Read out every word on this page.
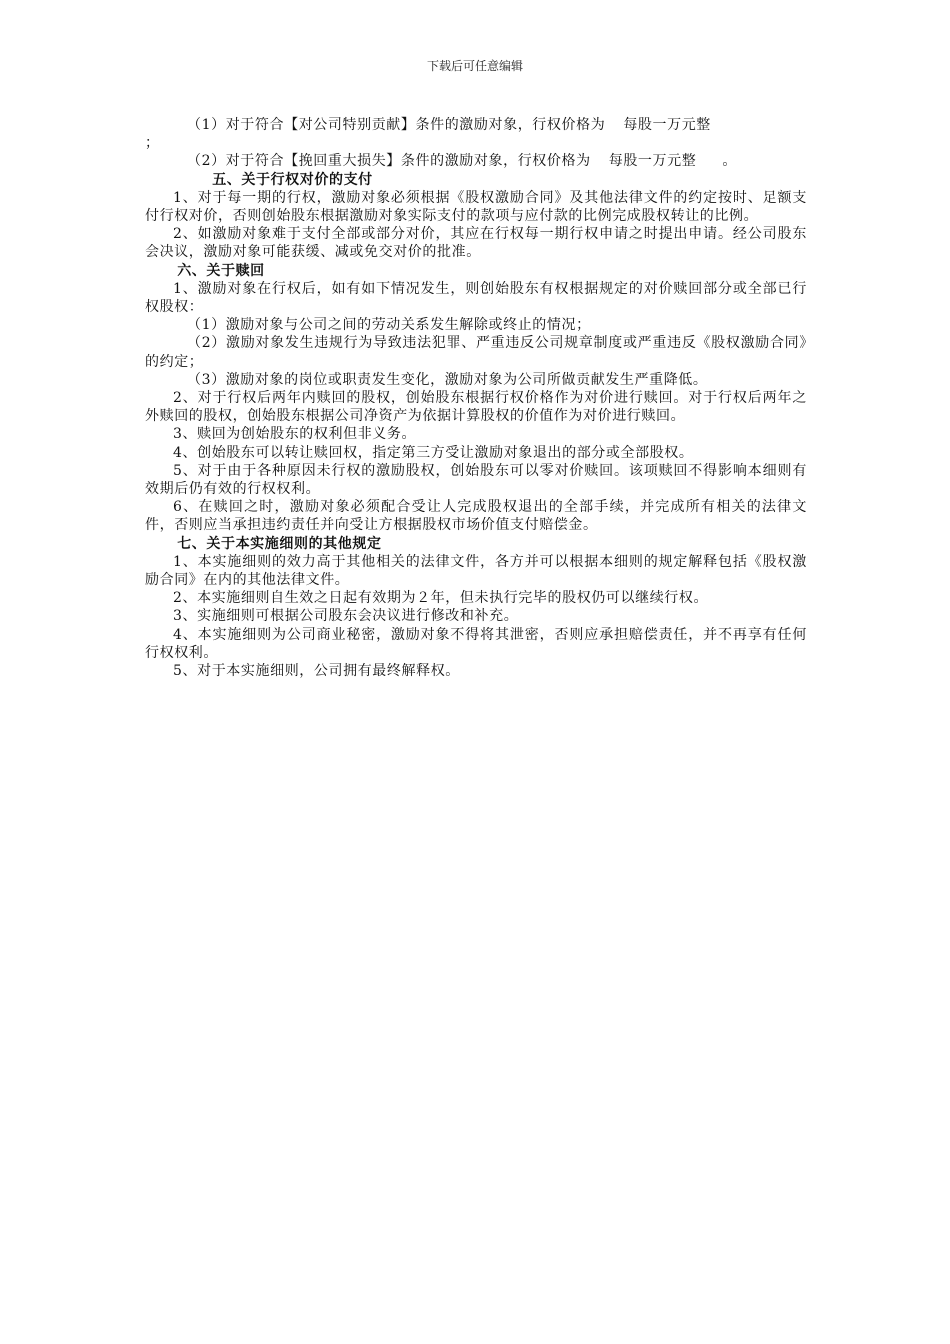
下载后可任意编辑

（1）对于符合【对公司特别贡献】条件的激励对象，行权价格为 每股一万元整

；

（2）对于符合【挽回重大损失】条件的激励对象，行权价格为 每股一万元整 。

五、关于行权对价的支付

1、对于每一期的行权，激励对象必须根据《股权激励合同》及其他法律文件的约定按时、足额支付行权对价，否则创始股东根据激励对象实际支付的款项与应付款的比例完成股权转让的比例。

2、如激励对象难于支付全部或部分对价，其应在行权每一期行权申请之时提出申请。经公司股东会决议，激励对象可能获缓、减或免交对价的批准。

六、关于赎回

1、激励对象在行权后，如有如下情况发生，则创始股东有权根据规定的对价赎回部分或全部已行权股权：

（1）激励对象与公司之间的劳动关系发生解除或终止的情况；

（2）激励对象发生违规行为导致违法犯罪、严重违反公司规章制度或严重违反《股权激励合同》的约定；

（3）激励对象的岗位或职责发生变化，激励对象为公司所做贡献发生严重降低。

2、对于行权后两年内赎回的股权，创始股东根据行权价格作为对价进行赎回。对于行权后两年之外赎回的股权，创始股东根据公司净资产为依据计算股权的价值作为对价进行赎回。

3、赎回为创始股东的权利但非义务。

4、创始股东可以转让赎回权，指定第三方受让激励对象退出的部分或全部股权。

5、对于由于各种原因未行权的激励股权，创始股东可以零对价赎回。该项赎回不得影响本细则有效期后仍有效的行权权利。

6、在赎回之时，激励对象必须配合受让人完成股权退出的全部手续，并完成所有相关的法律文件，否则应当承担违约责任并向受让方根据股权市场价值支付赔偿金。

七、关于本实施细则的其他规定

1、本实施细则的效力高于其他相关的法律文件，各方并可以根据本细则的规定解释包括《股权激励合同》在内的其他法律文件。

2、本实施细则自生效之日起有效期为２年，但未执行完毕的股权仍可以继续行权。

3、实施细则可根据公司股东会决议进行修改和补充。

4、本实施细则为公司商业秘密，激励对象不得将其泄密，否则应承担赔偿责任，并不再享有任何行权权利。

5、对于本实施细则，公司拥有最终解释权。
